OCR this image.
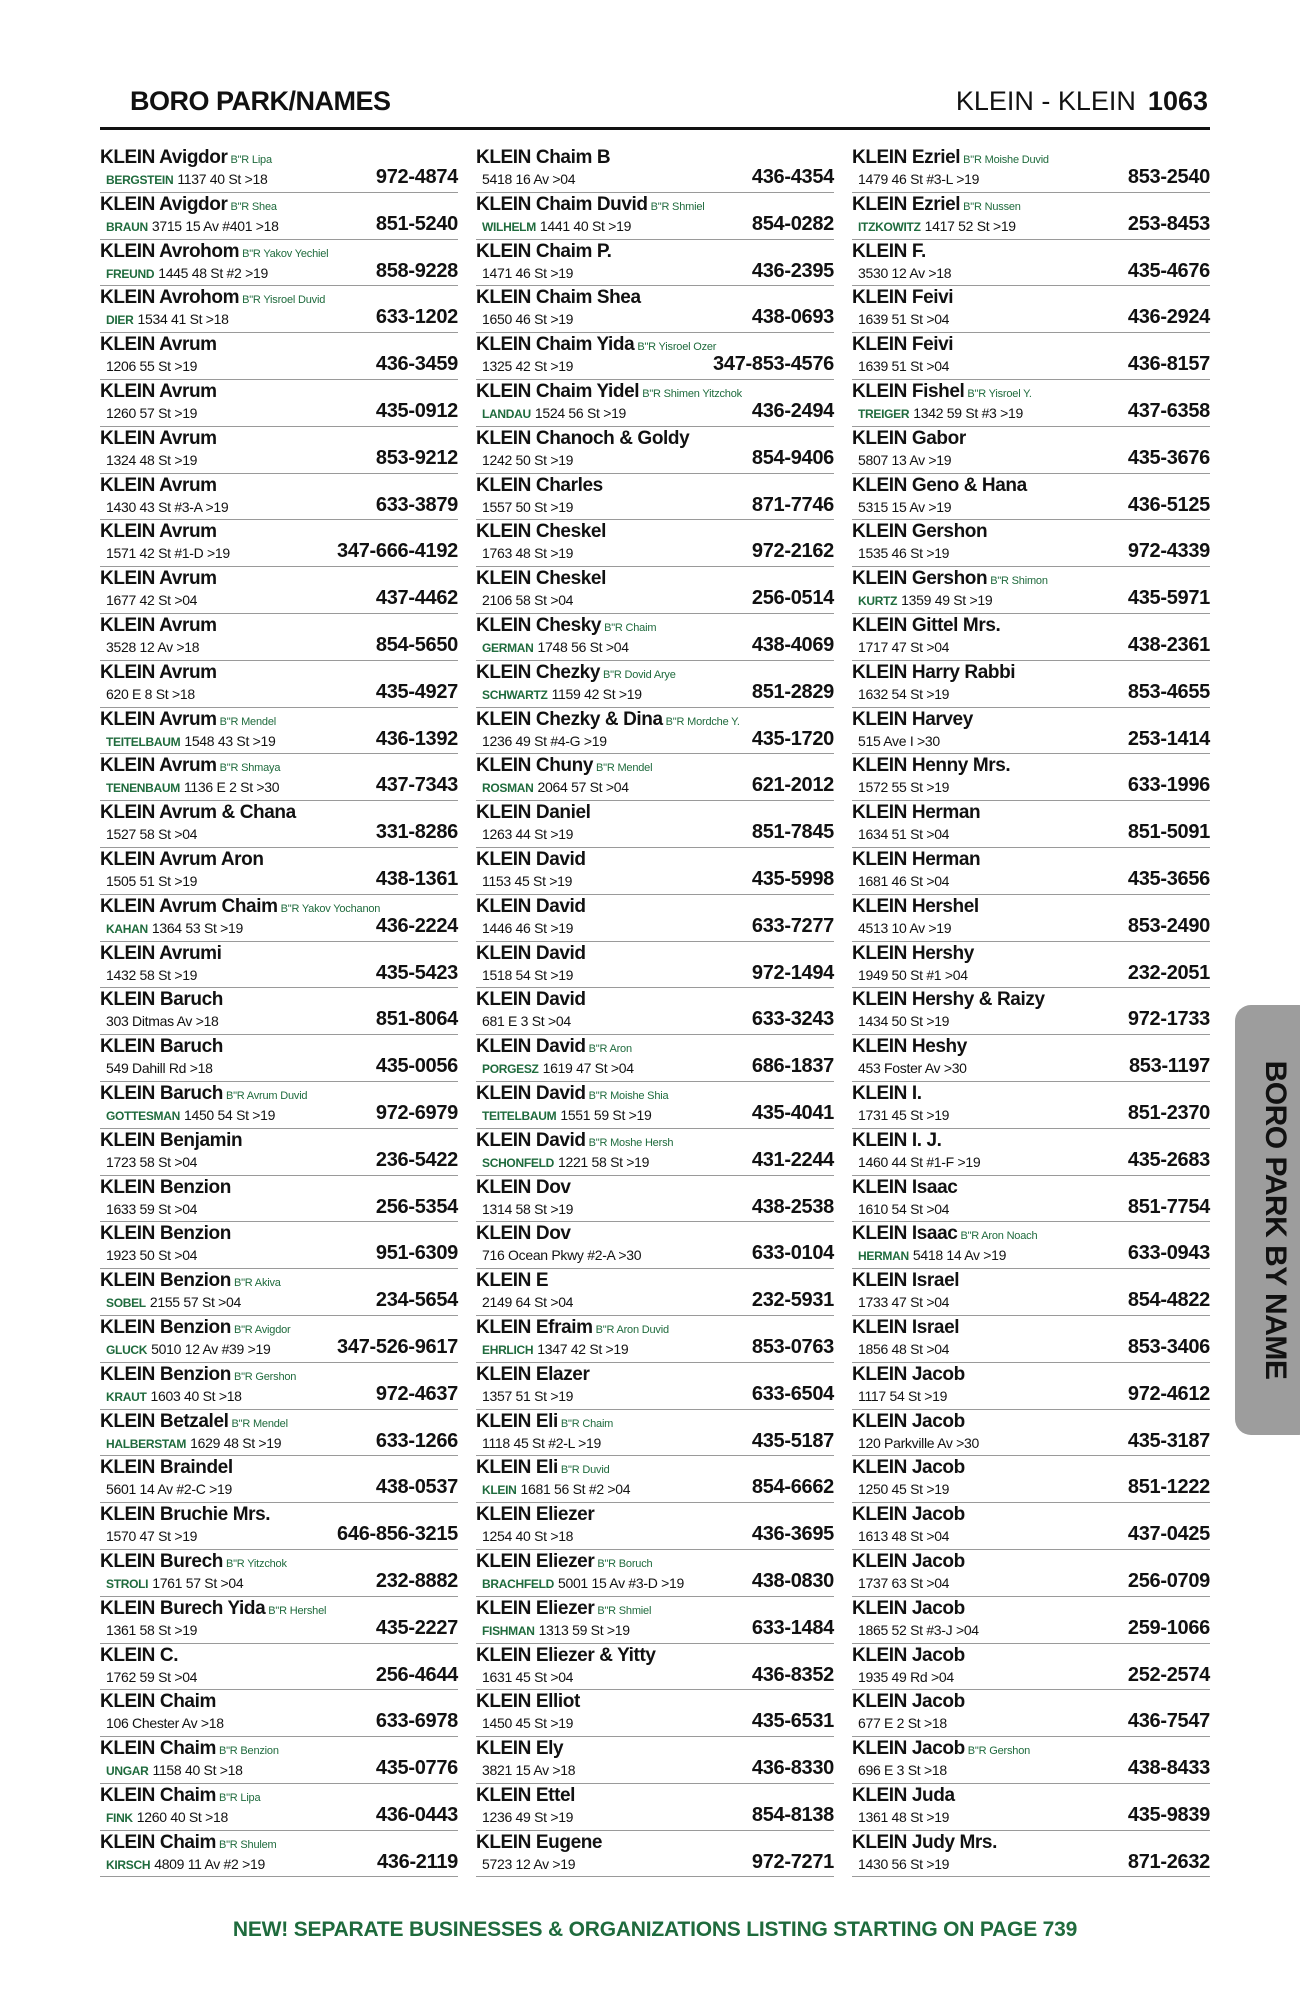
BORO PARK/NAMES	KLEIN - KLEIN 1063
KLEIN Avigdor B"R Lipa
BERGSTEIN 1137 40 St >18	972-4874
KLEIN Avigdor B"R Shea
BRAUN 3715 15 Av #401 >18	851-5240
KLEIN Avrohom B"R Yakov Yechiel
FREUND 1445 48 St #2 >19	858-9228
KLEIN Avrohom B"R Yisroel Duvid
DIER 1534 41 St >18	633-1202
KLEIN Avrum
1206 55 St >19	436-3459
KLEIN Avrum
1260 57 St >19	435-0912
KLEIN Avrum
1324 48 St >19	853-9212
KLEIN Avrum
1430 43 St #3-A >19	633-3879
KLEIN Avrum
1571 42 St #1-D >19	347-666-4192
KLEIN Avrum
1677 42 St >04	437-4462
KLEIN Avrum
3528 12 Av >18	854-5650
KLEIN Avrum
620 E 8 St >18	435-4927
KLEIN Avrum B"R Mendel
TEITELBAUM 1548 43 St >19	436-1392
KLEIN Avrum B"R Shmaya
TENENBAUM 1136 E 2 St >30	437-7343
KLEIN Avrum & Chana
1527 58 St >04	331-8286
KLEIN Avrum Aron
1505 51 St >19	438-1361
KLEIN Avrum Chaim B"R Yakov Yochanon
KAHAN 1364 53 St >19	436-2224
KLEIN Avrumi
1432 58 St >19	435-5423
KLEIN Baruch
303 Ditmas Av >18	851-8064
KLEIN Baruch
549 Dahill Rd >18	435-0056
KLEIN Baruch B"R Avrum Duvid
GOTTESMAN 1450 54 St >19	972-6979
KLEIN Benjamin
1723 58 St >04	236-5422
KLEIN Benzion
1633 59 St >04	256-5354
KLEIN Benzion
1923 50 St >04	951-6309
KLEIN Benzion B"R Akiva
SOBEL 2155 57 St >04	234-5654
KLEIN Benzion B"R Avigdor
GLUCK 5010 12 Av #39 >19	347-526-9617
KLEIN Benzion B"R Gershon
KRAUT 1603 40 St >18	972-4637
KLEIN Betzalel B"R Mendel
HALBERSTAM 1629 48 St >19	633-1266
KLEIN Braindel
5601 14 Av #2-C >19	438-0537
KLEIN Bruchie Mrs.
1570 47 St >19	646-856-3215
KLEIN Burech B"R Yitzchok
STROLI 1761 57 St >04	232-8882
KLEIN Burech Yida B"R Hershel
1361 58 St >19	435-2227
KLEIN C.
1762 59 St >04	256-4644
KLEIN Chaim
106 Chester Av >18	633-6978
KLEIN Chaim B"R Benzion
UNGAR 1158 40 St >18	435-0776
KLEIN Chaim B"R Lipa
FINK 1260 40 St >18	436-0443
KLEIN Chaim B"R Shulem
KIRSCH 4809 11 Av #2 >19	436-2119
KLEIN Chaim B
5418 16 Av >04	436-4354
KLEIN Chaim Duvid B"R Shmiel
WILHELM 1441 40 St >19	854-0282
KLEIN Chaim P.
1471 46 St >19	436-2395
KLEIN Chaim Shea
1650 46 St >19	438-0693
KLEIN Chaim Yida B"R Yisroel Ozer
1325 42 St >19	347-853-4576
KLEIN Chaim Yidel B"R Shimen Yitzchok
LANDAU 1524 56 St >19	436-2494
KLEIN Chanoch & Goldy
1242 50 St >19	854-9406
KLEIN Charles
1557 50 St >19	871-7746
KLEIN Cheskel
1763 48 St >19	972-2162
KLEIN Cheskel
2106 58 St >04	256-0514
KLEIN Chesky B"R Chaim
GERMAN 1748 56 St >04	438-4069
KLEIN Chezky B"R Dovid Arye
SCHWARTZ 1159 42 St >19	851-2829
KLEIN Chezky & Dina B"R Mordche Y.
1236 49 St #4-G >19	435-1720
KLEIN Chuny B"R Mendel
ROSMAN 2064 57 St >04	621-2012
KLEIN Daniel
1263 44 St >19	851-7845
KLEIN David
1153 45 St >19	435-5998
KLEIN David
1446 46 St >19	633-7277
KLEIN David
1518 54 St >19	972-1494
KLEIN David
681 E 3 St >04	633-3243
KLEIN David B"R Aron
PORGESZ 1619 47 St >04	686-1837
KLEIN David B"R Moishe Shia
TEITELBAUM 1551 59 St >19	435-4041
KLEIN David B"R Moshe Hersh
SCHONFELD 1221 58 St >19	431-2244
KLEIN Dov
1314 58 St >19	438-2538
KLEIN Dov
716 Ocean Pkwy #2-A >30	633-0104
KLEIN E
2149 64 St >04	232-5931
KLEIN Efraim B"R Aron Duvid
EHRLICH 1347 42 St >19	853-0763
KLEIN Elazer
1357 51 St >19	633-6504
KLEIN Eli B"R Chaim
1118 45 St #2-L >19	435-5187
KLEIN Eli B"R Duvid
KLEIN 1681 56 St #2 >04	854-6662
KLEIN Eliezer
1254 40 St >18	436-3695
KLEIN Eliezer B"R Boruch
BRACHFELD 5001 15 Av #3-D >19	438-0830
KLEIN Eliezer B"R Shmiel
FISHMAN 1313 59 St >19	633-1484
KLEIN Eliezer & Yitty
1631 45 St >04	436-8352
KLEIN Elliot
1450 45 St >19	435-6531
KLEIN Ely
3821 15 Av >18	436-8330
KLEIN Ettel
1236 49 St >19	854-8138
KLEIN Eugene
5723 12 Av >19	972-7271
KLEIN Ezriel B"R Moishe Duvid
1479 46 St #3-L >19	853-2540
KLEIN Ezriel B"R Nussen
ITZKOWITZ 1417 52 St >19	253-8453
KLEIN F.
3530 12 Av >18	435-4676
KLEIN Feivi
1639 51 St >04	436-2924
KLEIN Feivi
1639 51 St >04	436-8157
KLEIN Fishel B"R Yisroel Y.
TREIGER 1342 59 St #3 >19	437-6358
KLEIN Gabor
5807 13 Av >19	435-3676
KLEIN Geno & Hana
5315 15 Av >19	436-5125
KLEIN Gershon
1535 46 St >19	972-4339
KLEIN Gershon B"R Shimon
KURTZ 1359 49 St >19	435-5971
KLEIN Gittel Mrs.
1717 47 St >04	438-2361
KLEIN Harry Rabbi
1632 54 St >19	853-4655
KLEIN Harvey
515 Ave I >30	253-1414
KLEIN Henny Mrs.
1572 55 St >19	633-1996
KLEIN Herman
1634 51 St >04	851-5091
KLEIN Herman
1681 46 St >04	435-3656
KLEIN Hershel
4513 10 Av >19	853-2490
KLEIN Hershy
1949 50 St #1 >04	232-2051
KLEIN Hershy & Raizy
1434 50 St >19	972-1733
KLEIN Heshy
453 Foster Av >30	853-1197
KLEIN I.
1731 45 St >19	851-2370
KLEIN I. J.
1460 44 St #1-F >19	435-2683
KLEIN Isaac
1610 54 St >04	851-7754
KLEIN Isaac B"R Aron Noach
HERMAN 5418 14 Av >19	633-0943
KLEIN Israel
1733 47 St >04	854-4822
KLEIN Israel
1856 48 St >04	853-3406
KLEIN Jacob
1117 54 St >19	972-4612
KLEIN Jacob
120 Parkville Av >30	435-3187
KLEIN Jacob
1250 45 St >19	851-1222
KLEIN Jacob
1613 48 St >04	437-0425
KLEIN Jacob
1737 63 St >04	256-0709
KLEIN Jacob
1865 52 St #3-J >04	259-1066
KLEIN Jacob
1935 49 Rd >04	252-2574
KLEIN Jacob
677 E 2 St >18	436-7547
KLEIN Jacob B"R Gershon
696 E 3 St >18	438-8433
KLEIN Juda
1361 48 St >19	435-9839
KLEIN Judy Mrs.
1430 56 St >19	871-2632
NEW! SEPARATE BUSINESSES & ORGANIZATIONS LISTING STARTING ON PAGE 739
BORO PARK BY NAME
